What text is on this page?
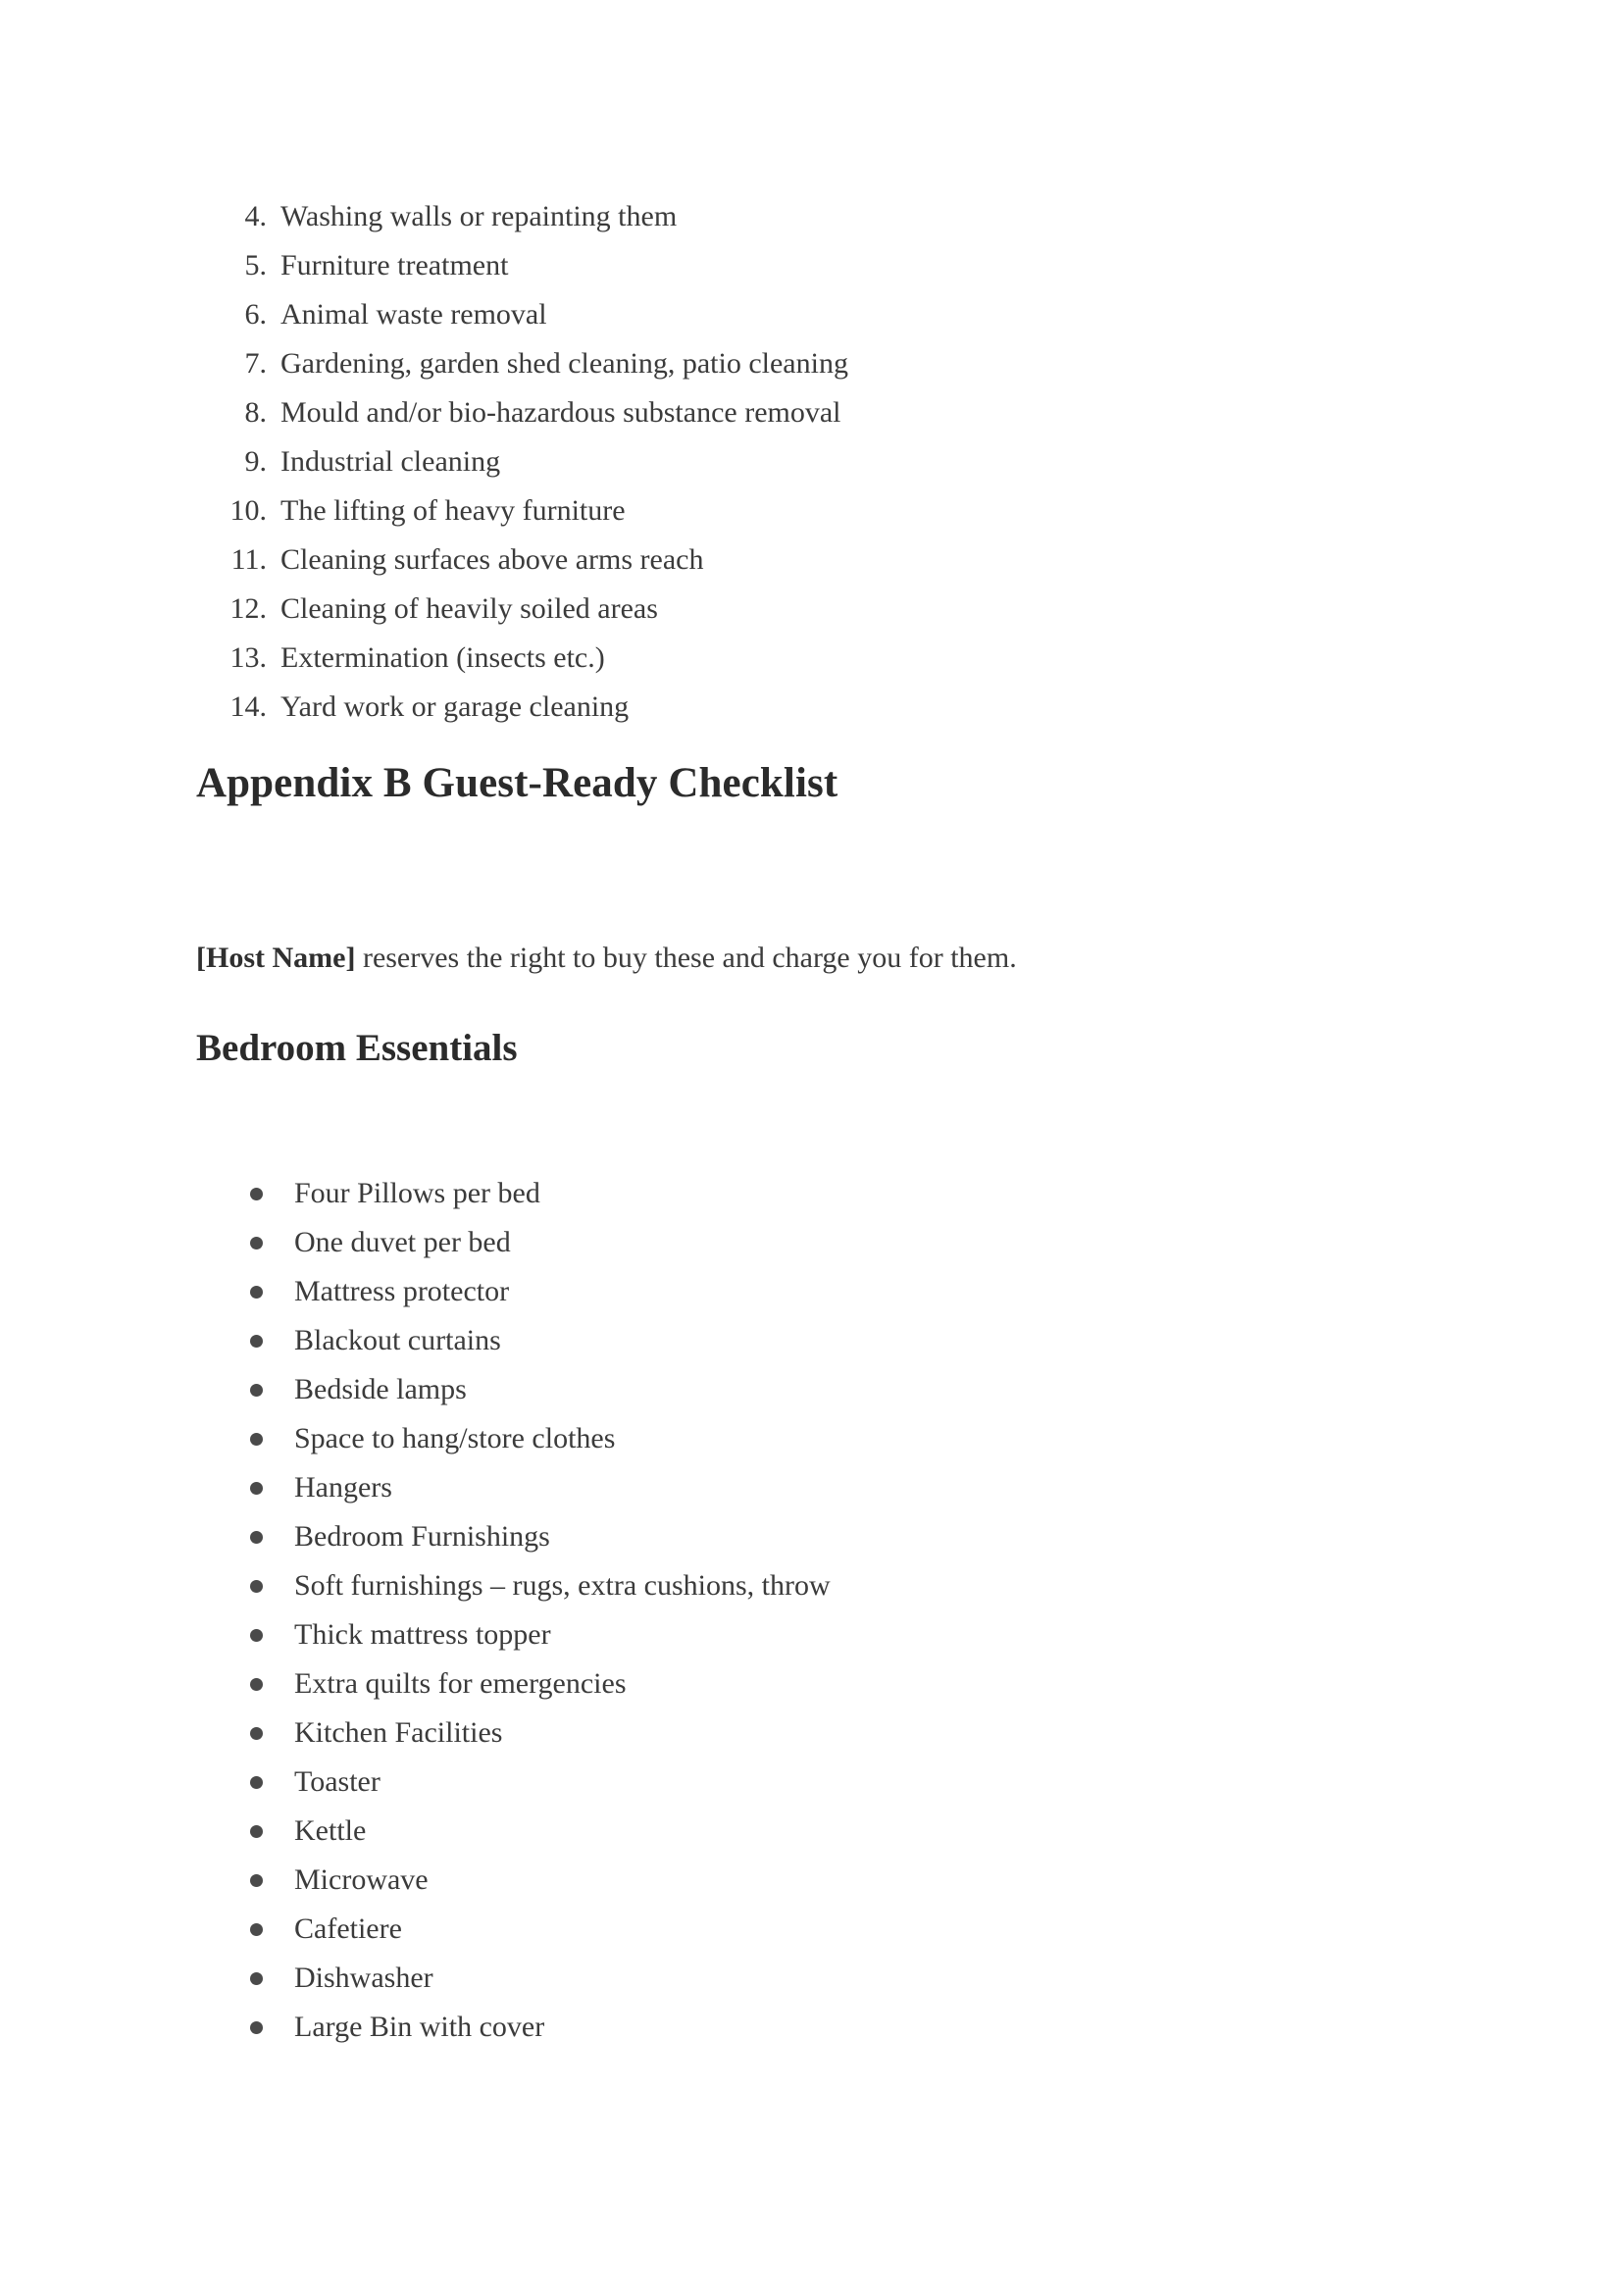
4. Washing walls or repainting them
5. Furniture treatment
6. Animal waste removal
7. Gardening, garden shed cleaning, patio cleaning
8. Mould and/or bio-hazardous substance removal
9. Industrial cleaning
10. The lifting of heavy furniture
11. Cleaning surfaces above arms reach
12. Cleaning of heavily soiled areas
13. Extermination (insects etc.)
14. Yard work or garage cleaning
Appendix B Guest-Ready Checklist

[Host Name] reserves the right to buy these and charge you for them.

Bedroom Essentials
Four Pillows per bed
One duvet per bed
Mattress protector
Blackout curtains
Bedside lamps
Space to hang/store clothes
Hangers
Bedroom Furnishings
Soft furnishings – rugs, extra cushions, throw
Thick mattress topper
Extra quilts for emergencies
Kitchen Facilities
Toaster
Kettle
Microwave
Cafetiere
Dishwasher
Large Bin with cover
